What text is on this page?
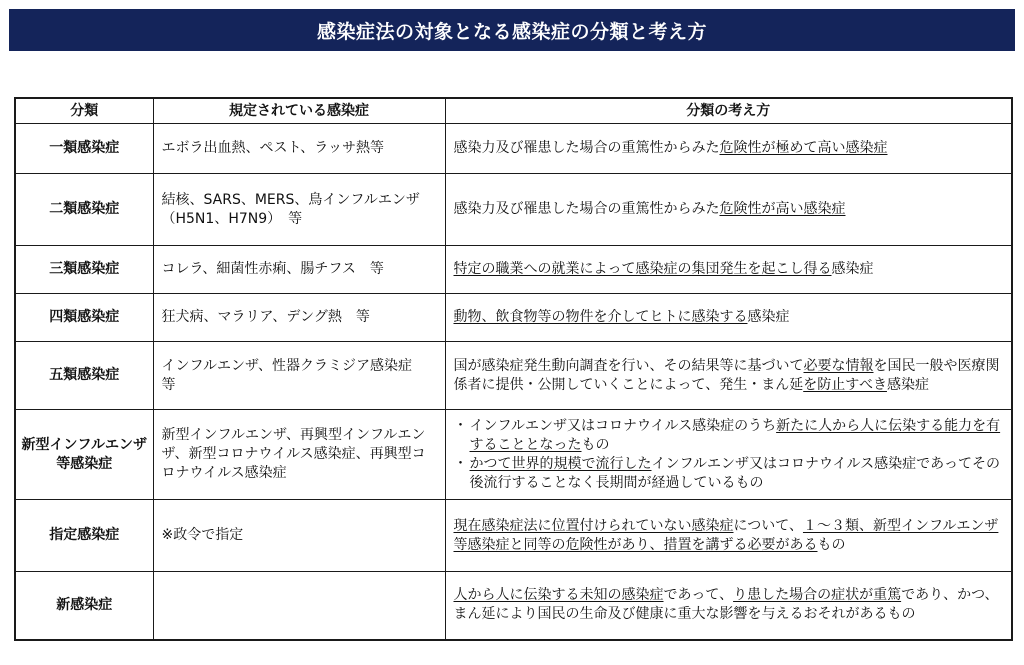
感染症法の対象となる感染症の分類と考え方
分類	規定されている感染症	分類の考え方
一類感染症	エボラ出血熱、ペスト、ラッサ熱等	感染力及び罹患した場合の重篤性からみた危険性が極めて高い感染症
二類感染症	結核、SARS、MERS、鳥インフルエンザ（H5N1、H7N9）　等	感染力及び罹患した場合の重篤性からみた危険性が高い感染症
三類感染症	コレラ、細菌性赤痢、腸チフス　等	特定の職業への就業によって感染症の集団発生を起こし得る感染症
四類感染症	狂犬病、マラリア、デング熱　等	動物、飲食物等の物件を介してヒトに感染する感染症
五類感染症	インフルエンザ、性器クラミジア感染症　等	国が感染症発生動向調査を行い、その結果等に基づいて必要な情報を国民一般や医療関係者に提供・公開していくことによって、発生・まん延を防止すべき感染症
新型インフルエンザ等感染症	新型インフルエンザ、再興型インフルエンザ、新型コロナウイルス感染症、再興型コロナウイルス感染症	・ インフルエンザ又はコロナウイルス感染症のうち新たに人から人に伝染する能力を有することとなったもの
・ かつて世界的規模で流行したインフルエンザ又はコロナウイルス感染症であってその後流行することなく長期間が経過しているもの

指定感染症	※政令で指定	現在感染症法に位置付けられていない感染症について、１～３類、新型インフルエンザ等感染症と同等の危険性があり、措置を講ずる必要があるもの
新感染症		人から人に伝染する未知の感染症であって、り患した場合の症状が重篤であり、かつ、まん延により国民の生命及び健康に重大な影響を与えるおそれがあるもの
